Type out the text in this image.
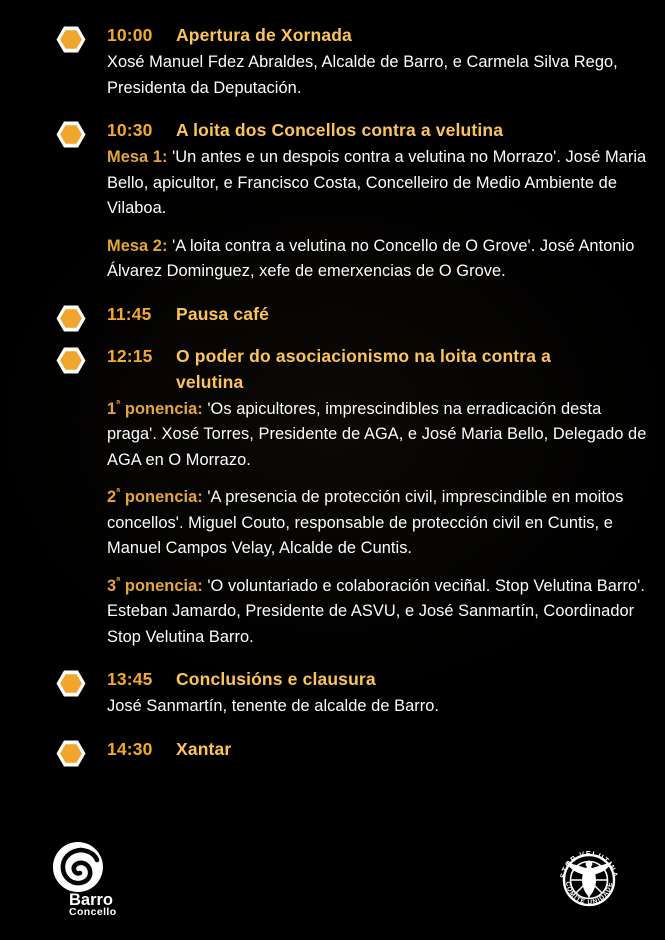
10:00 Apertura de Xornada

Xosé Manuel Fdez Abraldes, Alcalde de Barro, e Carmela Silva Rego, Presidenta da Deputación.

10:30 A loita dos Concellos contra a velutina

Mesa 1: 'Un antes e un despois contra a velutina no Morrazo'. José Maria Bello, apicultor, e Francisco Costa, Concelleiro de Medio Ambiente de Vilaboa.

Mesa 2: 'A loita contra a velutina no Concello de O Grove'. José Antonio Álvarez Dominguez, xefe de emerxencias de O Grove.

11:45 Pausa café
12:15 O poder do asociacionismo na loita contra a velutina

$1^ª$ ponencia: 'Os apicultores, imprescindibles na erradicación desta praga'. Xosé Torres, Presidente de AGA, e José Maria Bello, Delegado de AGA en O Morrazo.

$2^ª$ ponencia: 'A presencia de protección civil, imprescindible en moitos concellos'. Miguel Couto, responsable de protección civil en Cuntis, e Manuel Campos Velay, Alcalde de Cuntis.

$3^ª$ ponencia: 'O voluntariado e colaboración veciñal. Stop Velutina Barro'. Esteban Jamardo, Presidente de ASVU, e José Sanmartín, Coordinador Stop Velutina Barro.

13:45 Conclusións e clausura

José Sanmartín, tenente de alcalde de Barro.

14:30 Xantar
Barro
Concello
STOP VELUTINA
COMITE UNIDADE
